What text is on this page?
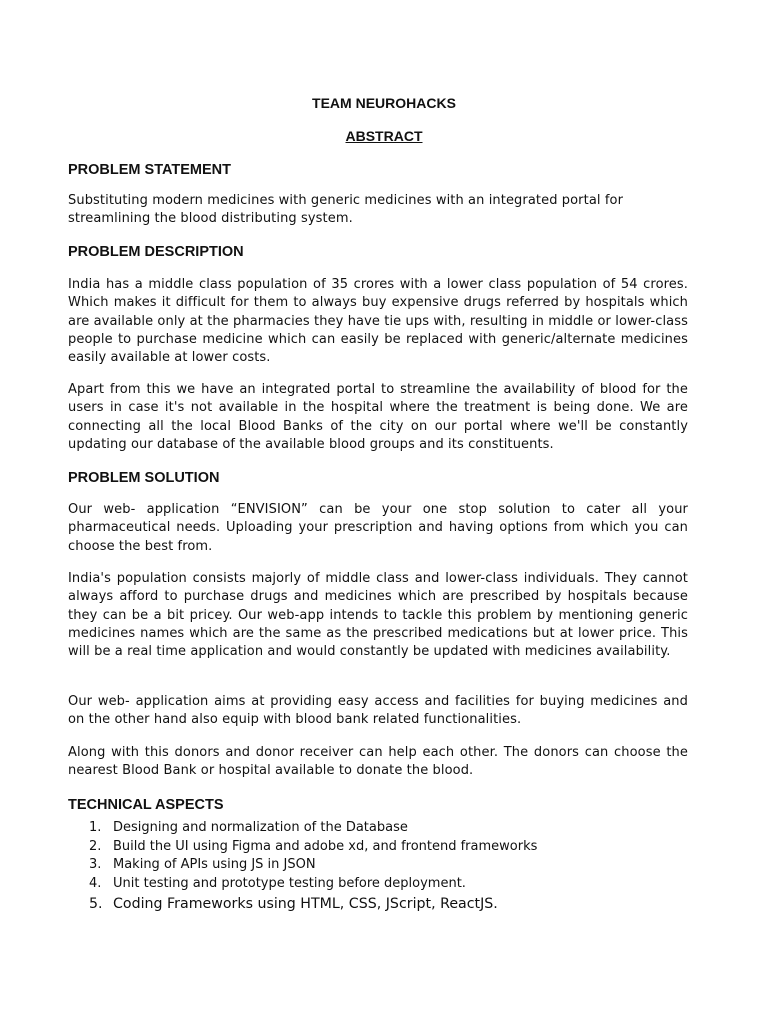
TEAM NEUROHACKS
ABSTRACT
PROBLEM STATEMENT

Substituting modern medicines with generic medicines with an integrated portal for streamlining the blood distributing system.

PROBLEM DESCRIPTION

India has a middle class population of 35 crores with a lower class population of 54 crores. Which makes it difficult for them to always buy expensive drugs referred by hospitals which are available only at the pharmacies they have tie ups with, resulting in middle or lower-class people to purchase medicine which can easily be replaced with generic/alternate medicines easily available at lower costs.

Apart from this we have an integrated portal to streamline the availability of blood for the users in case it's not available in the hospital where the treatment is being done. We are connecting all the local Blood Banks of the city on our portal where we'll be constantly updating our database of the available blood groups and its constituents.

PROBLEM SOLUTION

Our web- application “ENVISION” can be your one stop solution to cater all your pharmaceutical needs. Uploading your prescription and having options from which you can choose the best from.

India's population consists majorly of middle class and lower-class individuals. They cannot always afford to purchase drugs and medicines which are prescribed by hospitals because they can be a bit pricey. Our web-app intends to tackle this problem by mentioning generic medicines names which are the same as the prescribed medications but at lower price. This will be a real time application and would constantly be updated with medicines availability.

Our web- application aims at providing easy access and facilities for buying medicines and on the other hand also equip with blood bank related functionalities.

Along with this donors and donor receiver can help each other. The donors can choose the nearest Blood Bank or hospital available to donate the blood.

TECHNICAL ASPECTS
1. Designing and normalization of the Database
2. Build the UI using Figma and adobe xd, and frontend frameworks
3. Making of APIs using JS in JSON
4. Unit testing and prototype testing before deployment.
5. Coding Frameworks using HTML, CSS, JScript, ReactJS.
